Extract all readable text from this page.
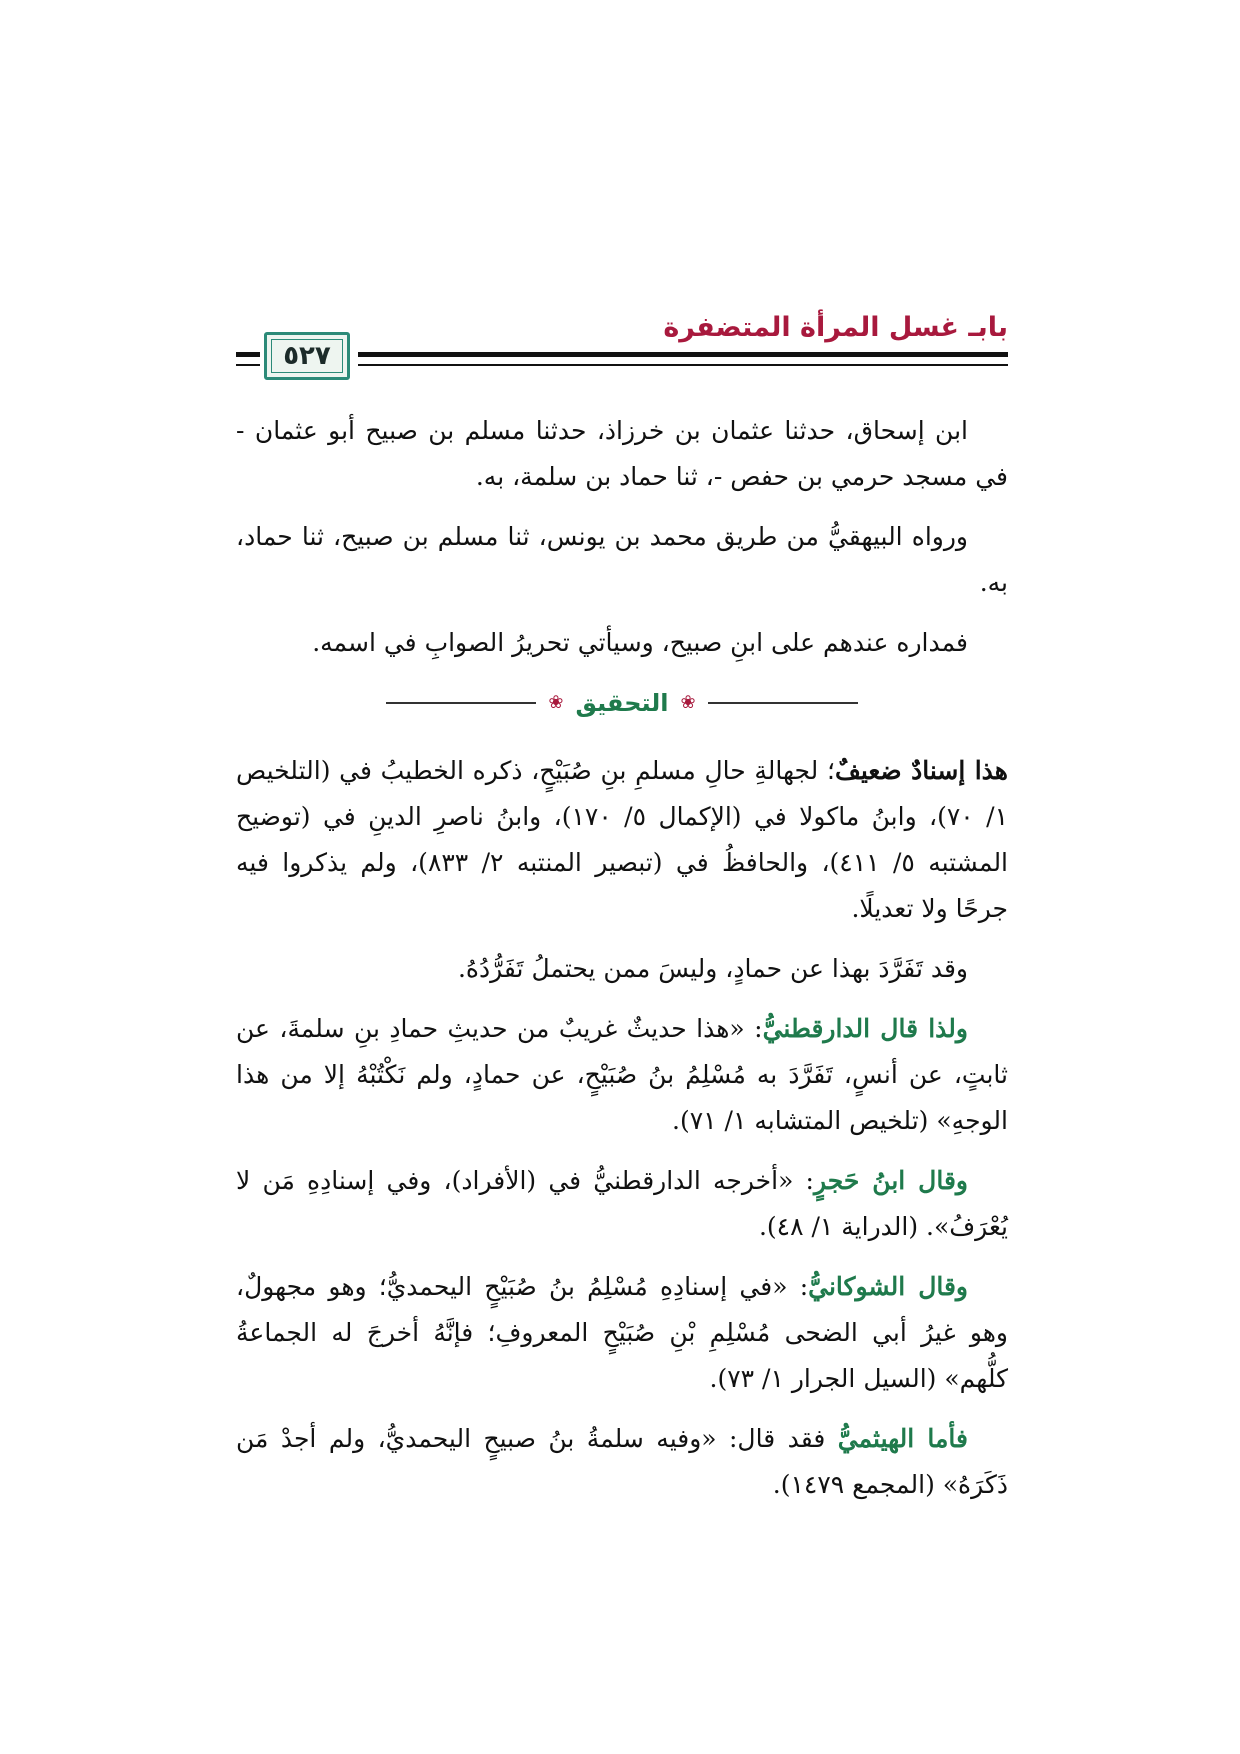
بابـ غسل المرأة المتضفرة
٥٢٧

ابن إسحاق، حدثنا عثمان بن خرزاذ، حدثنا مسلم بن صبيح أبو عثمان - في مسجد حرمي بن حفص -، ثنا حماد بن سلمة، به.

ورواه البيهقيُّ من طريق محمد بن يونس، ثنا مسلم بن صبيح، ثنا حماد، به.

فمداره عندهم على ابنِ صبيح، وسيأتي تحريرُ الصوابِ في اسمه.

❀
التحقيق
❀

هذا إسنادٌ ضعيفٌ؛ لجهالةِ حالِ مسلمِ بنِ صُبَيْحٍ، ذكره الخطيبُ في (التلخيص ١/ ٧٠)، وابنُ ماكولا في (الإكمال ٥/ ١٧٠)، وابنُ ناصرِ الدينِ في (توضيح المشتبه ٥/ ٤١١)، والحافظُ في (تبصير المنتبه ٢/ ٨٣٣)، ولم يذكروا فيه جرحًا ولا تعديلًا.

وقد تَفَرَّدَ بهذا عن حمادٍ، وليسَ ممن يحتملُ تَفَرُّدُهُ.

ولذا قال الدارقطنيُّ: «هذا حديثٌ غريبٌ من حديثِ حمادِ بنِ سلمةَ، عن ثابتٍ، عن أنسٍ، تَفَرَّدَ به مُسْلِمُ بنُ صُبَيْحٍ، عن حمادٍ، ولم نَكْتُبْهُ إلا من هذا الوجهِ» (تلخيص المتشابه ١/ ٧١).

وقال ابنُ حَجرٍ: «أخرجه الدارقطنيُّ في (الأفراد)، وفي إسنادِهِ مَن لا يُعْرَفُ». (الدراية ١/ ٤٨).

وقال الشوكانيُّ: «في إسنادِهِ مُسْلِمُ بنُ صُبَيْحٍ اليحمديُّ؛ وهو مجهولٌ، وهو غيرُ أبي الضحى مُسْلِمِ بْنِ صُبَيْحٍ المعروفِ؛ فإنَّهُ أخرجَ له الجماعةُ كلُّهم» (السيل الجرار ١/ ٧٣).

فأما الهيثميُّ فقد قال: «وفيه سلمةُ بنُ صبيحٍ اليحمديُّ، ولم أجدْ مَن ذَكَرَهُ» (المجمع ١٤٧٩).
